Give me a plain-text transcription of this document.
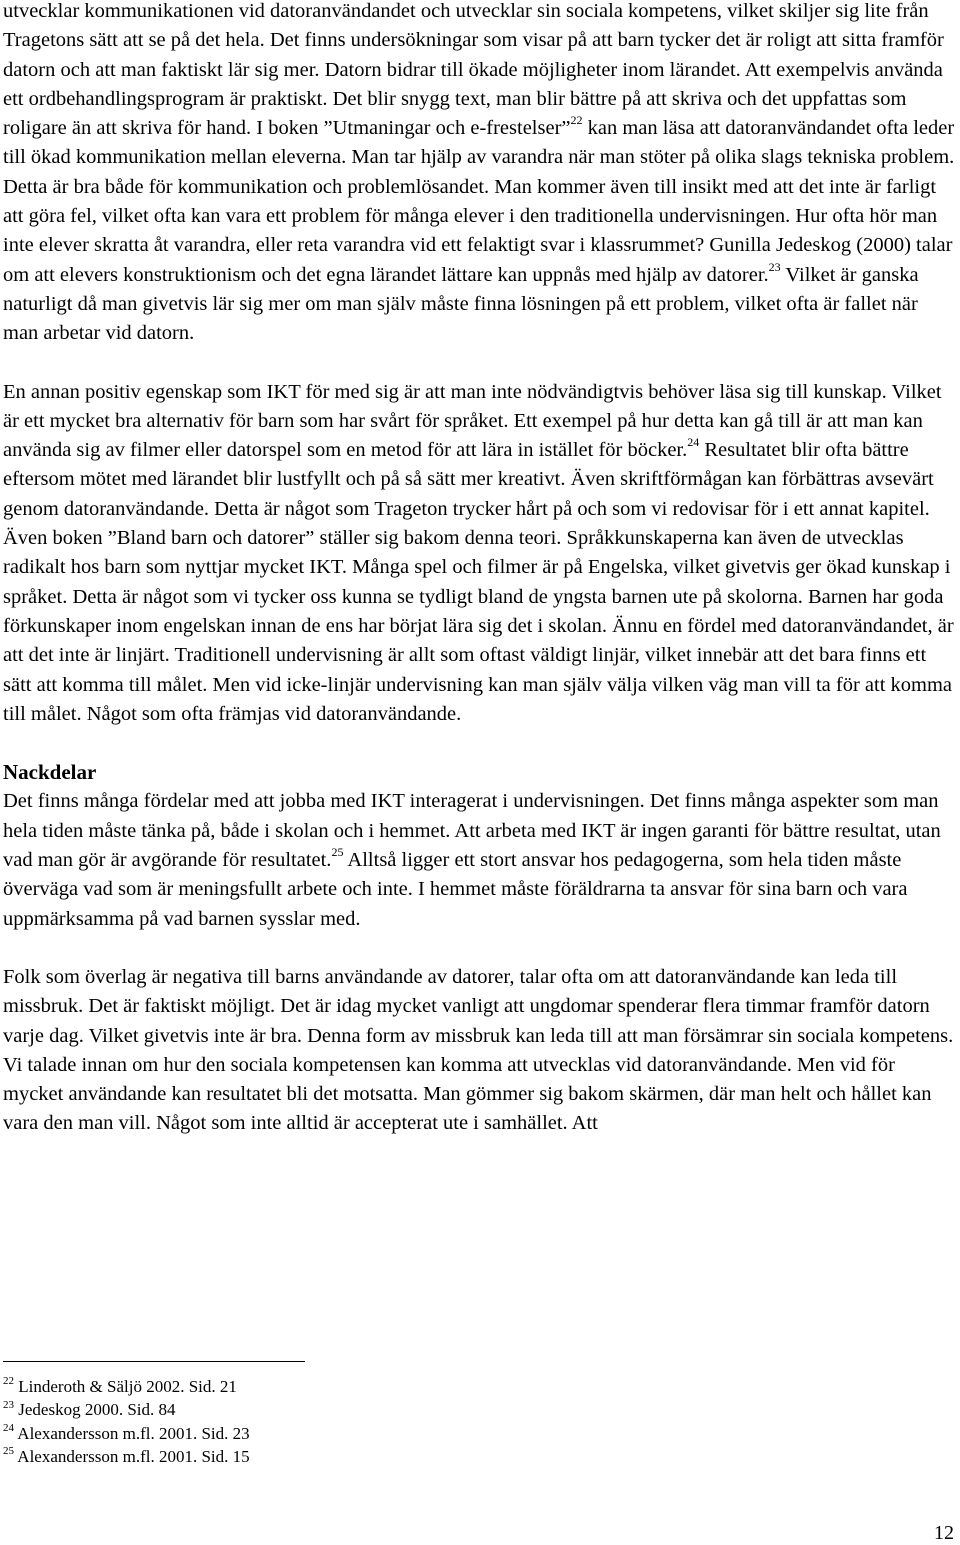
utvecklar kommunikationen vid datoranvändandet och utvecklar sin sociala kompetens, vilket skiljer sig lite från Tragetons sätt att se på det hela. Det finns undersökningar som visar på att barn tycker det är roligt att sitta framför datorn och att man faktiskt lär sig mer. Datorn bidrar till ökade möjligheter inom lärandet. Att exempelvis använda ett ordbehandlingsprogram är praktiskt. Det blir snygg text, man blir bättre på att skriva och det uppfattas som roligare än att skriva för hand. I boken ”Utmaningar och e-frestelser”$^{22}$ kan man läsa att datoranvändandet ofta leder till ökad kommunikation mellan eleverna. Man tar hjälp av varandra när man stöter på olika slags tekniska problem. Detta är bra både för kommunikation och problemlösandet. Man kommer även till insikt med att det inte är farligt att göra fel, vilket ofta kan vara ett problem för många elever i den traditionella undervisningen. Hur ofta hör man inte elever skratta åt varandra, eller reta varandra vid ett felaktigt svar i klassrummet? Gunilla Jedeskog (2000) talar om att elevers konstruktionism och det egna lärandet lättare kan uppnås med hjälp av datorer.$^{23}$ Vilket är ganska naturligt då man givetvis lär sig mer om man själv måste finna lösningen på ett problem, vilket ofta är fallet när man arbetar vid datorn.

En annan positiv egenskap som IKT för med sig är att man inte nödvändigtvis behöver läsa sig till kunskap. Vilket är ett mycket bra alternativ för barn som har svårt för språket. Ett exempel på hur detta kan gå till är att man kan använda sig av filmer eller datorspel som en metod för att lära in istället för böcker.$^{24}$ Resultatet blir ofta bättre eftersom mötet med lärandet blir lustfyllt och på så sätt mer kreativt. Även skriftförmågan kan förbättras avsevärt genom datoranvändande. Detta är något som Trageton trycker hårt på och som vi redovisar för i ett annat kapitel. Även boken ”Bland barn och datorer” ställer sig bakom denna teori. Språkkunskaperna kan även de utvecklas radikalt hos barn som nyttjar mycket IKT. Många spel och filmer är på Engelska, vilket givetvis ger ökad kunskap i språket. Detta är något som vi tycker oss kunna se tydligt bland de yngsta barnen ute på skolorna. Barnen har goda förkunskaper inom engelskan innan de ens har börjat lära sig det i skolan. Ännu en fördel med datoranvändandet, är att det inte är linjärt. Traditionell undervisning är allt som oftast väldigt linjär, vilket innebär att det bara finns ett sätt att komma till målet. Men vid icke-linjär undervisning kan man själv välja vilken väg man vill ta för att komma till målet. Något som ofta främjas vid datoranvändande.

Nackdelar

Det finns många fördelar med att jobba med IKT interagerat i undervisningen. Det finns många aspekter som man hela tiden måste tänka på, både i skolan och i hemmet. Att arbeta med IKT är ingen garanti för bättre resultat, utan vad man gör är avgörande för resultatet.$^{25}$ Alltså ligger ett stort ansvar hos pedagogerna, som hela tiden måste överväga vad som är meningsfullt arbete och inte. I hemmet måste föräldrarna ta ansvar för sina barn och vara uppmärksamma på vad barnen sysslar med.

Folk som överlag är negativa till barns användande av datorer, talar ofta om att datoranvändande kan leda till missbruk. Det är faktiskt möjligt. Det är idag mycket vanligt att ungdomar spenderar flera timmar framför datorn varje dag. Vilket givetvis inte är bra. Denna form av missbruk kan leda till att man försämrar sin sociala kompetens. Vi talade innan om hur den sociala kompetensen kan komma att utvecklas vid datoranvändande. Men vid för mycket användande kan resultatet bli det motsatta. Man gömmer sig bakom skärmen, där man helt och hållet kan vara den man vill. Något som inte alltid är accepterat ute i samhället. Att

$^{22}$ Linderoth & Säljö 2002. Sid. 21

$^{23}$ Jedeskog 2000. Sid. 84

$^{24}$ Alexandersson m.fl. 2001. Sid. 23

$^{25}$ Alexandersson m.fl. 2001. Sid. 15

12
